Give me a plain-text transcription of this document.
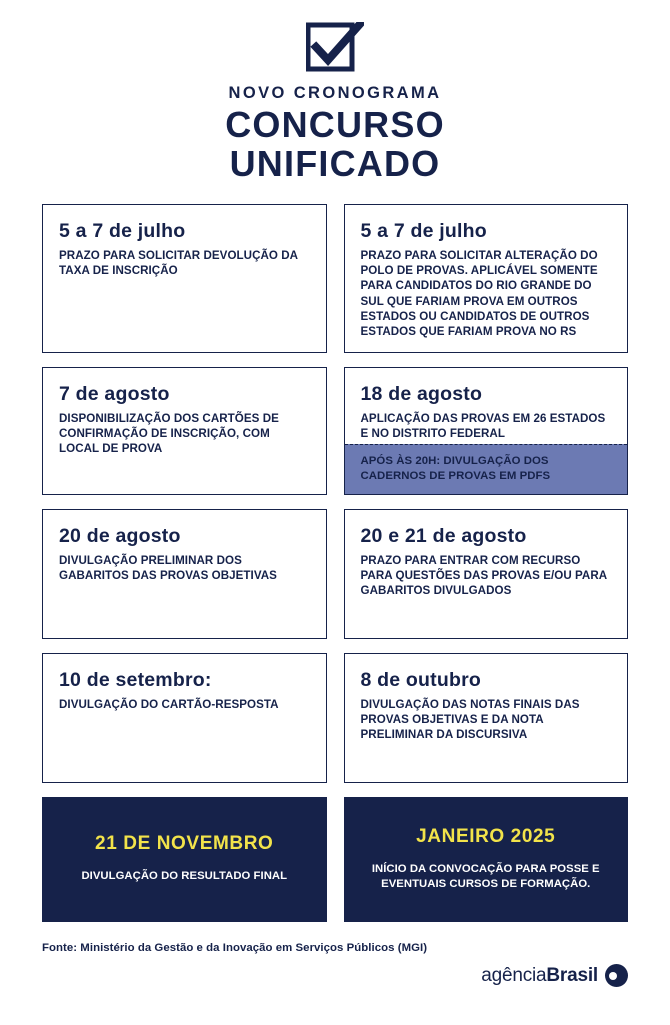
NOVO CRONOGRAMA
CONCURSO
UNIFICADO
5 a 7 de julho
PRAZO PARA SOLICITAR DEVOLUÇÃO DA TAXA DE INSCRIÇÃO
5 a 7 de julho
PRAZO PARA SOLICITAR ALTERAÇÃO DO POLO DE PROVAS. APLICÁVEL SOMENTE PARA CANDIDATOS DO RIO GRANDE DO SUL QUE FARIAM PROVA EM OUTROS ESTADOS OU CANDIDATOS DE OUTROS ESTADOS QUE FARIAM PROVA NO RS
7 de agosto
DISPONIBILIZAÇÃO DOS CARTÕES DE CONFIRMAÇÃO DE INSCRIÇÃO, COM LOCAL DE PROVA
18 de agosto
APLICAÇÃO DAS PROVAS EM 26 ESTADOS E NO DISTRITO FEDERAL
APÓS ÀS 20H: DIVULGAÇÃO DOS CADERNOS DE PROVAS EM PDFS
20 de agosto
DIVULGAÇÃO PRELIMINAR DOS GABARITOS DAS PROVAS OBJETIVAS
20 e 21 de agosto
PRAZO PARA ENTRAR COM RECURSO PARA QUESTÕES DAS PROVAS E/OU PARA GABARITOS DIVULGADOS
10 de setembro:
DIVULGAÇÃO DO CARTÃO-RESPOSTA
8 de outubro
DIVULGAÇÃO DAS NOTAS FINAIS DAS PROVAS OBJETIVAS E DA NOTA PRELIMINAR DA DISCURSIVA
21 DE NOVEMBRO
DIVULGAÇÃO DO RESULTADO FINAL
JANEIRO 2025
INÍCIO DA CONVOCAÇÃO PARA POSSE E EVENTUAIS CURSOS DE FORMAÇÃO.
Fonte: Ministério da Gestão e da Inovação em Serviços Públicos (MGI)
agênciaBrasil
